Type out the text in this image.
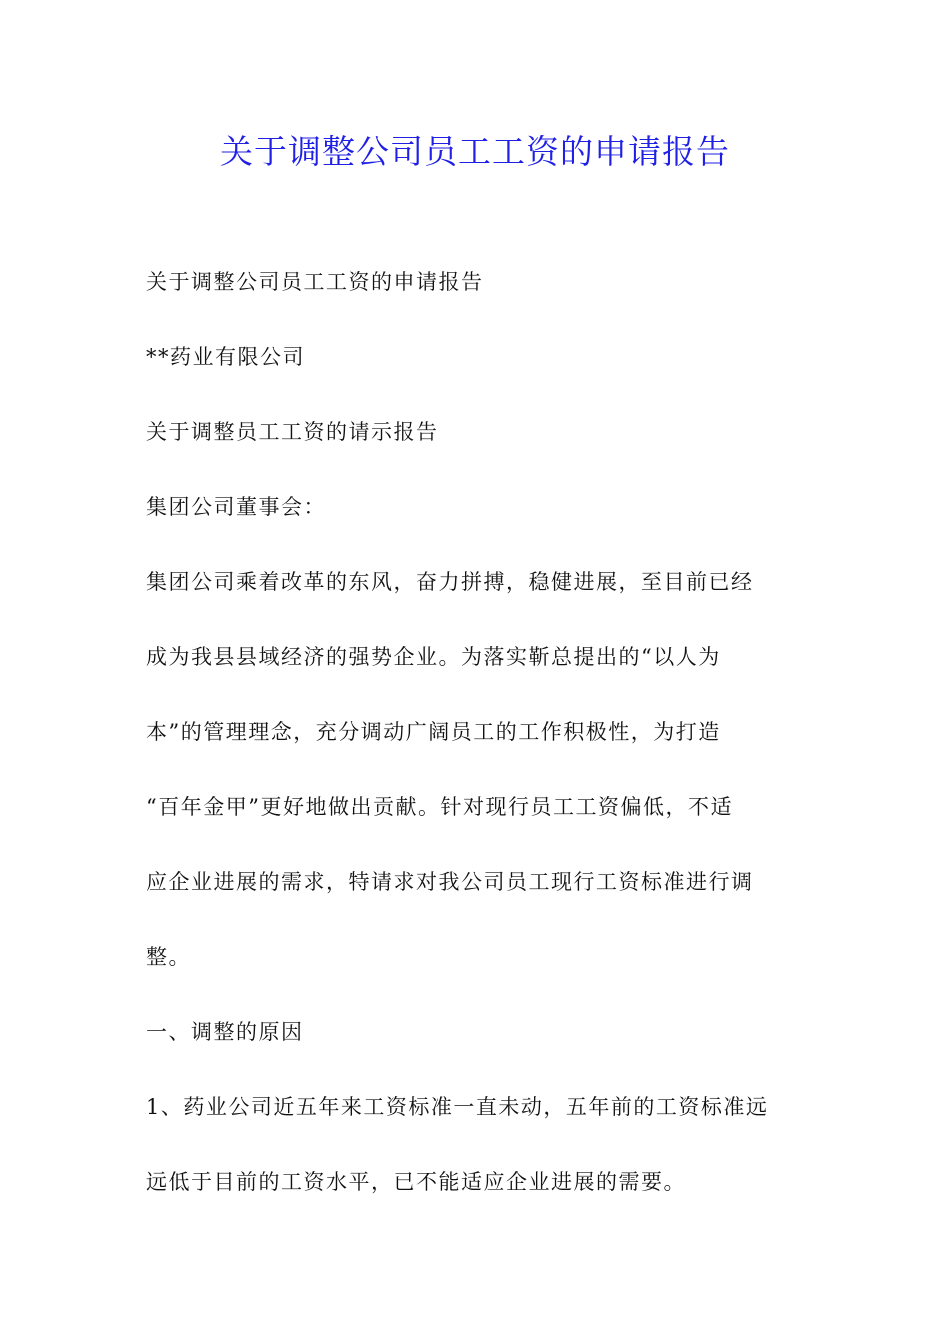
关于调整公司员工工资的申请报告
关于调整公司员工工资的申请报告
**药业有限公司
关于调整员工工资的请示报告
集团公司董事会：
集团公司乘着改革的东风，奋力拼搏，稳健进展，至目前已经
成为我县县域经济的强势企业。为落实靳总提出的“以人为
本”的管理理念，充分调动广阔员工的工作积极性，为打造
“百年金甲”更好地做出贡献。针对现行员工工资偏低，不适
应企业进展的需求，特请求对我公司员工现行工资标准进行调
整。
一、调整的原因
1、药业公司近五年来工资标准一直未动，五年前的工资标准远
远低于目前的工资水平，已不能适应企业进展的需要。
